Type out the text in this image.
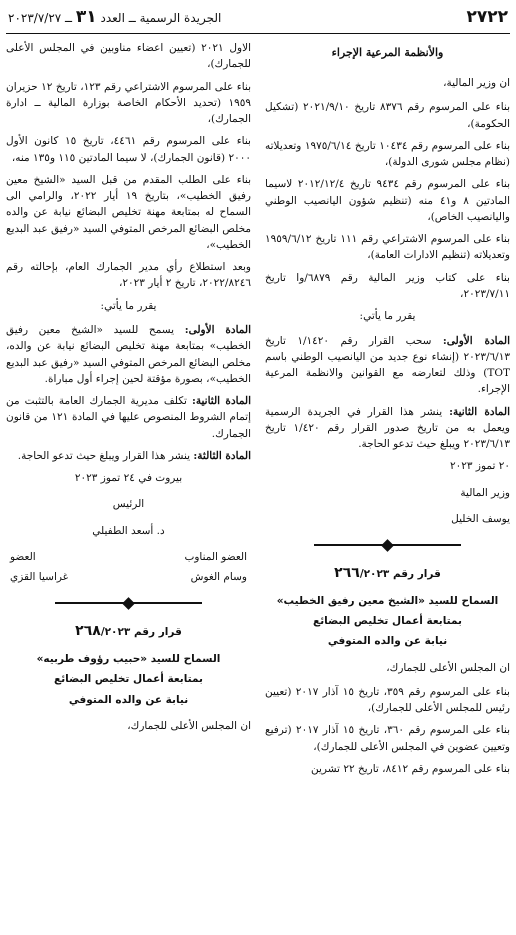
٢٧٢٢
الجريدة الرسمية ــ العدد ٣١ ــ ٢٠٢٣/٧/٢٧
والأنظمة المرعية الإجراء

ان وزير المالية،

بناء على المرسوم رقم ٨٣٧٦ تاريخ ٢٠٢١/٩/١٠ (تشكيل الحكومة)،

بناء على المرسوم رقم ١٠٤٣٤ تاريخ ١٩٧٥/٦/١٤ وتعديلاته (نظام مجلس شورى الدولة)،

بناء على المرسوم رقم ٩٤٣٤ تاريخ ٢٠١٢/١٢/٤ لاسيما المادتين ٨ و٤١ منه (تنظيم شؤون اليانصيب الوطني واليانصيب الخاص)،

بناء على المرسوم الاشتراعي رقم ١١١ تاريخ ١٩٥٩/٦/١٢ وتعديلاته (تنظيم الادارات العامة)،

بناء على كتاب وزير المالية رقم ٦٨٧٩/وا تاريخ ٢٠٢٣/٧/١١،

يقرر ما يأتي:

المادة الأولى: سحب القرار رقم ١/١٤٢٠ تاريخ ٢٠٢٣/٦/١٣ (إنشاء نوع جديد من اليانصيب الوطني باسم TOT) وذلك لتعارضه مع القوانين والانظمة المرعية الإجراء.

المادة الثانية: ينشر هذا القرار في الجريدة الرسمية ويعمل به من تاريخ صدور القرار رقم ١/٤٢٠ تاريخ ٢٠٢٣/٦/١٣ ويبلغ حيث تدعو الحاجة.

٢٠ تموز ٢٠٢٣
وزير المالية
يوسف الخليل
قرار رقم ٢٦٦/٢٠٢٣
السماح للسيد «الشيخ معين رفيق الخطيب»
بمتابعة أعمال تخليص البضائع
نيابة عن والده المتوفي

ان المجلس الأعلى للجمارك،

بناء على المرسوم رقم ٣٥٩، تاريخ ١٥ آذار ٢٠١٧ (تعيين رئيس للمجلس الأعلى للجمارك)،

بناء على المرسوم رقم ٣٦٠، تاريخ ١٥ آذار ٢٠١٧ (ترفيع وتعيين عضوين في المجلس الأعلى للجمارك)،

بناء على المرسوم رقم ٨٤١٢، تاريخ ٢٢ تشرين

الاول ٢٠٢١ (تعيين اعضاء مناوبين في المجلس الأعلى للجمارك)،

بناء على المرسوم الاشتراعي رقم ١٢٣، تاريخ ١٢ حزيران ١٩٥٩ (تحديد الأحكام الخاصة بوزارة المالية ــ ادارة الجمارك)،

بناء على المرسوم رقم ٤٤٦١، تاريخ ١٥ كانون الأول ٢٠٠٠ (قانون الجمارك)، لا سيما المادتين ١١٥ و١٣٥ منه،

بناء على الطلب المقدم من قبل السيد «الشيخ معين رفيق الخطيب»، بتاريخ ١٩ أيار ٢٠٢٢، والرامي الى السماح له بمتابعة مهنة تخليص البضائع نيابة عن والده مخلص البضائع المرخص المتوفي السيد «رفيق عبد البديع الخطيب»،

وبعد استطلاع رأي مدير الجمارك العام، بإحالته رقم ٢٠٢٢/٨٢٤٦، تاريخ ٢ أيار ٢٠٢٣،

يقرر ما يأتي:

المادة الأولى: يسمح للسيد «الشيخ معين رفيق الخطيب» بمتابعة مهنة تخليص البضائع نيابة عن والده، مخلص البضائع المرخص المتوفي السيد «رفيق عبد البديع الخطيب»، بصورة مؤقتة لحين إجراء أول مباراة.

المادة الثانية: تكلف مديرية الجمارك العامة بالتثبت من إتمام الشروط المنصوص عليها في المادة ١٢١ من قانون الجمارك.

المادة الثالثة: ينشر هذا القرار ويبلغ حيث تدعو الحاجة.

بيروت في ٢٤ تموز ٢٠٢٣
الرئيس
د. أسعد الطفيلي
العضو المناوب
العضو
وسام الغوش
غراسيا القزي
قرار رقم ٢٦٨/٢٠٢٣
السماح للسيد «حبيب رؤوف طربيه»
بمتابعة أعمال تخليص البضائع
نيابة عن والده المتوفي

ان المجلس الأعلى للجمارك،
